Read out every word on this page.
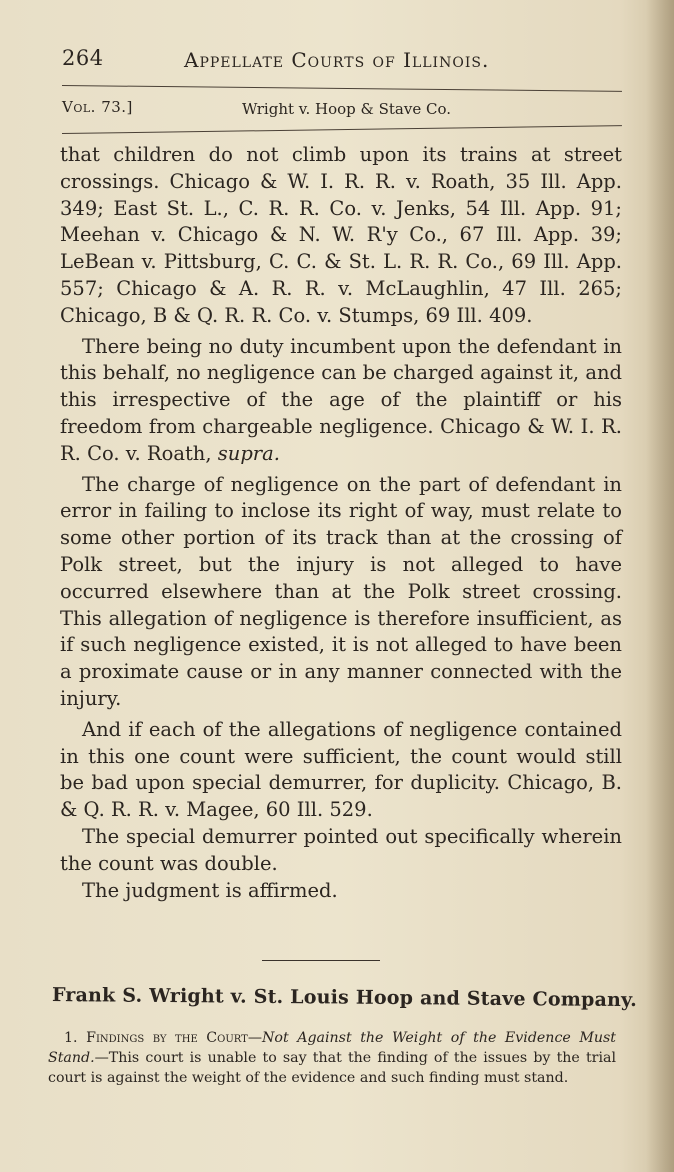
264	Appellate Courts of Illinois.
Vol. 73.]	Wright v. Hoop & Stave Co.

that children do not climb upon its trains at street crossings. Chicago & W. I. R. R. v. Roath, 35 Ill. App. 349; East St. L., C. R. R. Co. v. Jenks, 54 Ill. App. 91; Meehan v. Chicago & N. W. R'y Co., 67 Ill. App. 39; LeBean v. Pittsburg, C. C. & St. L. R. R. Co., 69 Ill. App. 557; Chicago & A. R. R. v. McLaughlin, 47 Ill. 265; Chicago, B & Q. R. R. Co. v. Stumps, 69 Ill. 409.

There being no duty incumbent upon the defendant in this behalf, no negligence can be charged against it, and this irrespective of the age of the plaintiff or his freedom from chargeable negligence. Chicago & W. I. R. R. Co. v. Roath, supra.

The charge of negligence on the part of defendant in error in failing to inclose its right of way, must relate to some other portion of its track than at the crossing of Polk street, but the injury is not alleged to have occurred elsewhere than at the Polk street crossing. This allegation of negligence is therefore insufficient, as if such negligence existed, it is not alleged to have been a proximate cause or in any manner connected with the injury.

And if each of the allegations of negligence contained in this one count were sufficient, the count would still be bad upon special demurrer, for duplicity. Chicago, B. & Q. R. R. v. Magee, 60 Ill. 529.

The special demurrer pointed out specifically wherein the count was double.

The judgment is affirmed.

Frank S. Wright v. St. Louis Hoop and Stave Company.
1. Findings by the Court—Not Against the Weight of the Evidence Must Stand.—This court is unable to say that the finding of the issues by the trial court is against the weight of the evidence and such finding must stand.
